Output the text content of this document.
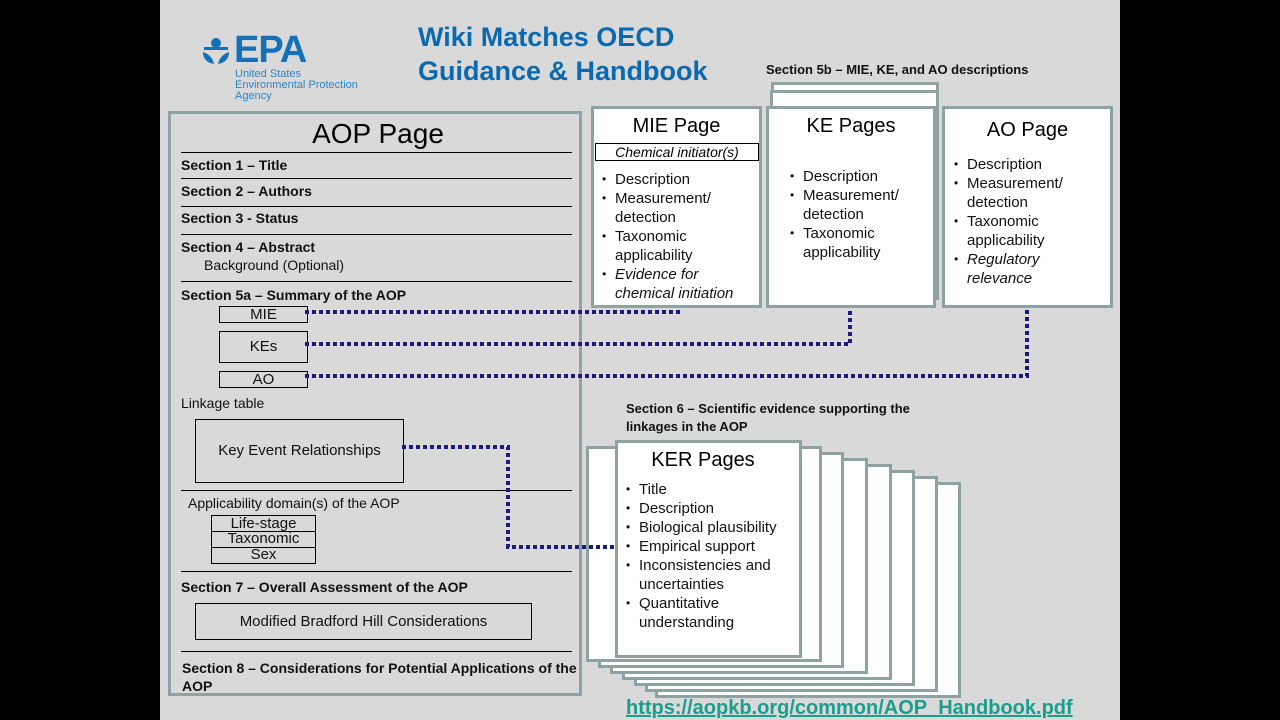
EPA
United States
Environmental Protection
Agency
Wiki Matches OECD
Guidance & Handbook
AOP Page
Section 1 – Title
Section 2 – Authors
Section 3 - Status
Section 4 – Abstract
Background (Optional)
Section 5a – Summary of the AOP
MIE
KEs
AO
Linkage table
Key Event Relationships
Applicability domain(s) of the AOP
Life-stage
Taxonomic
Sex
Section 7 – Overall Assessment of the AOP
Modified Bradford Hill Considerations
Section 8 – Considerations for Potential Applications of the AOP
Section 5b – MIE, KE, and AO descriptions
MIE Page
Chemical initiator(s)
• Description
• Measurement/ detection
• Taxonomic applicability
• Evidence for chemical initiation
KE Pages
• Description
• Measurement/ detection
• Taxonomic applicability
AO Page
• Description
• Measurement/ detection
• Taxonomic applicability
• Regulatory relevance
Section 6 – Scientific evidence supporting the
linkages in the AOP
KER Pages
• Title
• Description
• Biological plausibility
• Empirical support
• Inconsistencies and uncertainties
• Quantitative understanding
https://aopkb.org/common/AOP_Handbook.pdf
